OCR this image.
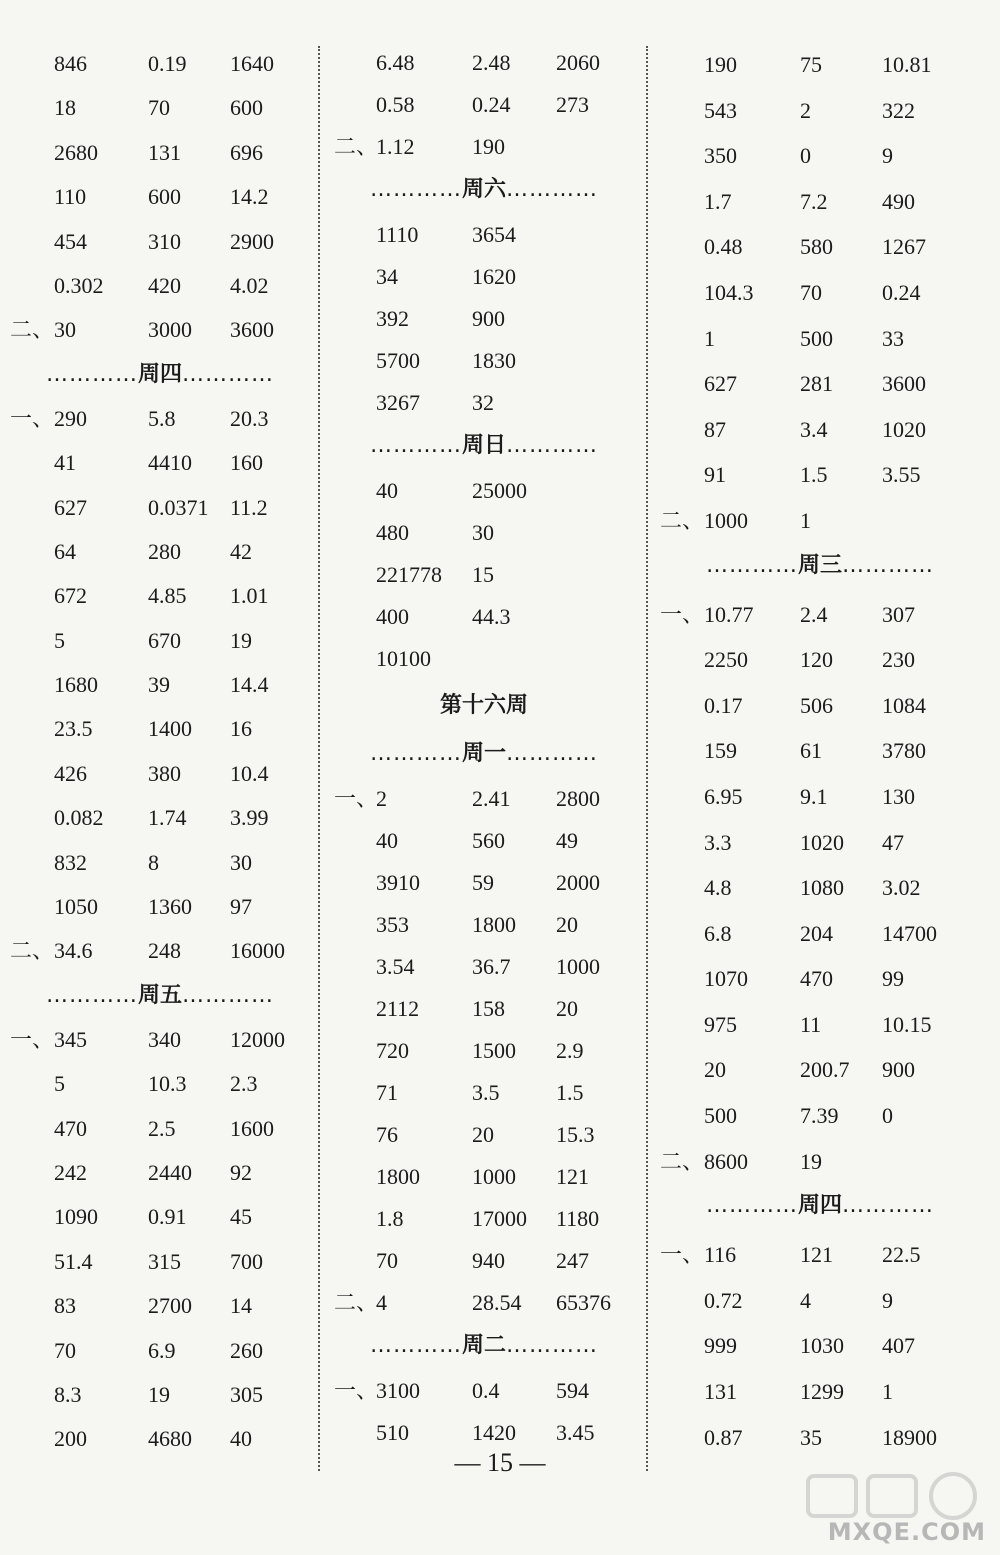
846	0.19 1640
18	70	600
2680 131 696
110	600 14.2
454	310 2900
0.302 420 4.02
二、 30	3000 3600
…………周四…………
一、 290	5.8 20.3
41	4410 160
627	0.0371 11.2
64	280 42
672	4.85 1.01
5	670 19
1680 39	14.4
23.5	1400 16
426	380 10.4
0.082 1.74 3.99
832	8	30
1050 1360 97
二、 34.6	248 16000
…………周五…………
一、 345	340 12000
5	10.3 2.3
470	2.5 1600
242	2440 92
1090 0.91 45
51.4	315 700
83	2700 14
70	6.9 260
8.3	19	305
200	4680 40
6.48	2.48 2060
0.58	0.24 273
二、
1.12	190
…………周六…………
1110 3654
34	1620
392	900
5700 1830
3267 32
…………周日…………
40	25000
480	30
221778 15
400	44.3
10100
第十六周
…………周一…………
一、
2	2.41 2800
40	560 49
3910 59	2000
353	1800 20
3.54	36.7 1000
2112 158 20
720	1500 2.9
71	3.5	1.5
76	20	15.3
1800 1000 121
1.8	17000 1180
70	940 247
二、
4	28.54 65376
…………周二…………
一、
3100 0.4	594
510	1420 3.45
190	75	10.81
543	2	322
350	0	9
1.7	7.2 490
0.48	580 1267
104.3 70	0.24
1	500 33
627	281 3600
87	3.4 1020
91	1.5 3.55
二、 1000 1
…………周三…………
一、 10.77 2.4 307
2250 120 230
0.17	506 1084
159	61	3780
6.95	9.1 130
3.3	1020 47
4.8	1080 3.02
6.8	204 14700
1070 470 99
975	11	10.15
20	200.7 900
500	7.39 0
二、 8600 19
…………周四…………
一、 116	121 22.5
0.72	4	9
999	1030 407
131	1299 1
0.87	35	18900
— 15 —
MXQE.COM
